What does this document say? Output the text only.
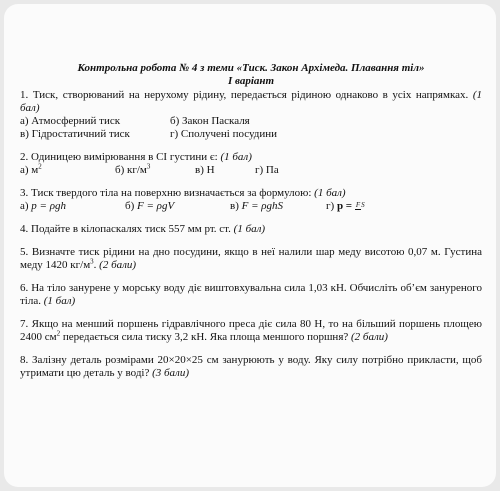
Контрольна робота № 4 з теми «Тиск. Закон Архімеда. Плавання тіл»
І варіант
1. Тиск, створюваний на нерухому рідину, передається рідиною однаково в усіх напрямках. (1 бал)
а) Атмосферний тиск	б) Закон Паскаля
в) Гідростатичний тиск	г) Сполучені посудини
2. Одиницею вимірювання в СІ густини є: (1 бал)
а) $м^2$	б) $кг/м^3$	в) Н	г) Па
3. Тиск твердого тіла на поверхню визначається за формулою: (1 бал)
а) p = ρgh	б) F = ρgV	в) F = ρghS	г) p = FS
4. Подайте в кілопаскалях тиск 557 мм рт. ст. (1 бал)
5. Визначте тиск рідини на дно посудини, якщо в неї налили шар меду висотою 0,07 м. Густина меду 1420 $кг/м^3$. (2 бали)
6. На тіло занурене у морську воду діє виштовхувальна сила 1,03 кН. Обчисліть об’єм зануреного тіла. (1 бал)
7. Якщо на менший поршень гідравлічного преса діє сила 80 Н, то на більший поршень площею 2400 $см^2$ передається сила тиску 3,2 кН. Яка площа меншого поршня? (2 бали)
8. Залізну деталь розмірами 20×20×25 см занурюють у воду. Яку силу потрібно прикласти, щоб утримати цю деталь у воді? (3 бали)
